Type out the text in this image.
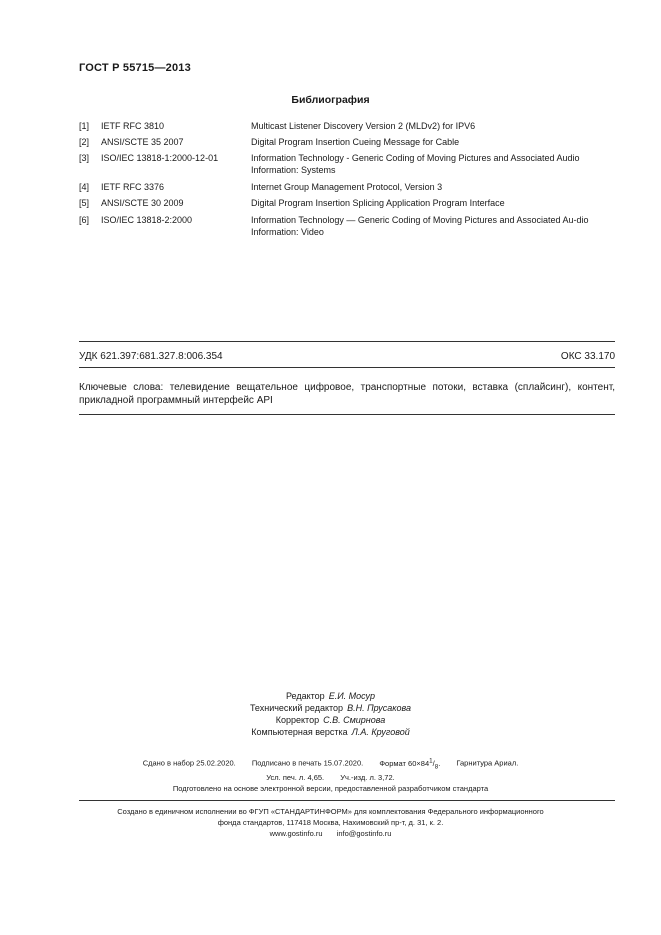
ГОСТ Р 55715—2013
Библиография
[1] IETF RFC 3810	Multicast Listener Discovery Version 2 (MLDv2) for IPV6
[2] ANSI/SCTE 35 2007	Digital Program Insertion Cueing Message for Cable
[3] ISO/IEC 13818-1:2000-12-01	Information Technology - Generic Coding of Moving Pictures and Associated Audio Information: Systems
[4] IETF RFC 3376	Internet Group Management Protocol, Version 3
[5] ANSI/SCTE 30 2009	Digital Program Insertion Splicing Application Program Interface
[6] ISO/IEC 13818-2:2000	Information Technology — Generic Coding of Moving Pictures and Associated Au-dio Information: Video
УДК 621.397:681.327.8:006.354	ОКС 33.170
Ключевые слова: телевидение вещательное цифровое, транспортные потоки, вставка (сплайсинг), контент, прикладной программный интерфейс API
Редактор Е.И. Мосур
Технический редактор В.Н. Прусакова
Корректор С.В. Смирнова
Компьютерная верстка Л.А. Круговой
Сдано в набор 25.02.2020. Подписано в печать 15.07.2020. Формат $60\times 84^1/_8$. Гарнитура Ариал.
Усл. печ. л. 4,65. Уч.-изд. л. 3,72.
Подготовлено на основе электронной версии, предоставленной разработчиком стандарта
Создано в единичном исполнении во ФГУП «СТАНДАРТИНФОРМ» для комплектования Федерального информационного
фонда стандартов, 117418 Москва, Нахимовский пр-т, д. 31, к. 2.
www.gostinfo.ru info@gostinfo.ru
